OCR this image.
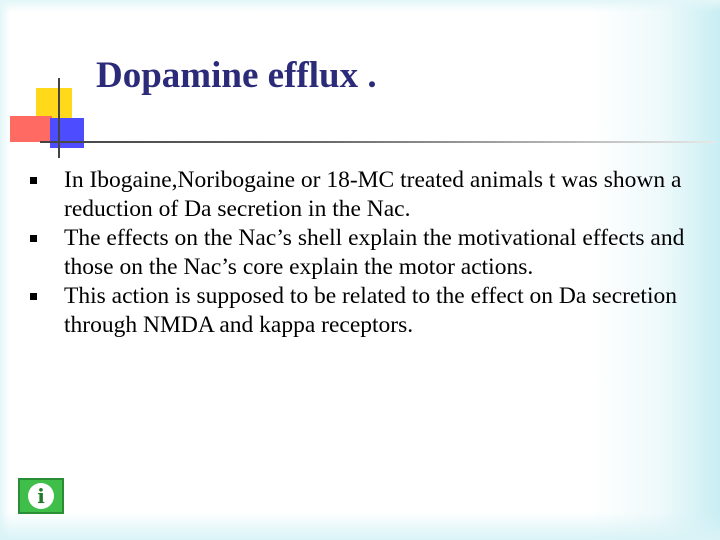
Dopamine efflux .
In Ibogaine,Noribogaine or 18-MC treated animals t was shown a reduction of Da secretion in the Nac.
The effects on the Nac’s shell explain the motivational effects and those on the Nac’s core explain the motor actions.
This action is supposed to be related to the effect on Da secretion through NMDA and kappa receptors.
i
